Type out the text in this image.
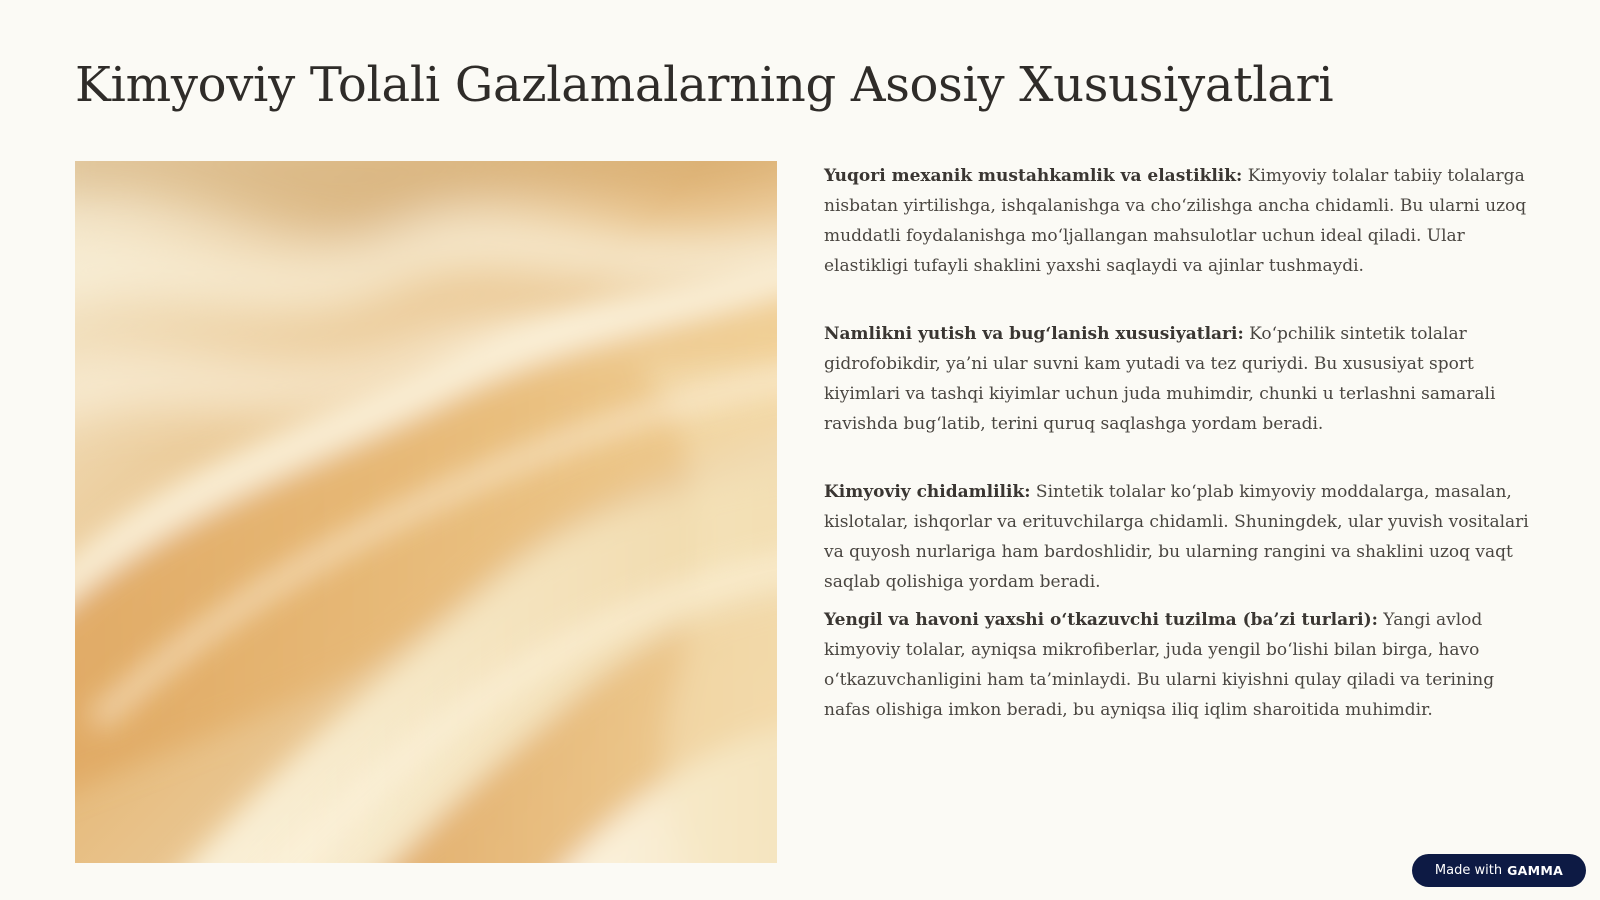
Kimyoviy Tolali Gazlamalarning Asosiy Xususiyatlari

Yuqori mexanik mustahkamlik va elastiklik: Kimyoviy tolalar tabiiy tolalarga nisbatan yirtilishga, ishqalanishga va cho‘zilishga ancha chidamli. Bu ularni uzoq muddatli foydalanishga mo‘ljallangan mahsulotlar uchun ideal qiladi. Ular elastikligi tufayli shaklini yaxshi saqlaydi va ajinlar tushmaydi.

Namlikni yutish va bug‘lanish xususiyatlari: Ko‘pchilik sintetik tolalar gidrofobikdir, ya’ni ular suvni kam yutadi va tez quriydi. Bu xususiyat sport kiyimlari va tashqi kiyimlar uchun juda muhimdir, chunki u terlashni samarali ravishda bug‘latib, terini quruq saqlashga yordam beradi.

Kimyoviy chidamlilik: Sintetik tolalar ko‘plab kimyoviy moddalarga, masalan, kislotalar, ishqorlar va erituvchilarga chidamli. Shuningdek, ular yuvish vositalari va quyosh nurlariga ham bardoshlidir, bu ularning rangini va shaklini uzoq vaqt saqlab qolishiga yordam beradi.

Yengil va havoni yaxshi o‘tkazuvchi tuzilma (ba’zi turlari): Yangi avlod kimyoviy tolalar, ayniqsa mikrofiberlar, juda yengil bo‘lishi bilan birga, havo o‘tkazuvchanligini ham ta’minlaydi. Bu ularni kiyishni qulay qiladi va terining nafas olishiga imkon beradi, bu ayniqsa iliq iqlim sharoitida muhimdir.

Made with GAMMA
